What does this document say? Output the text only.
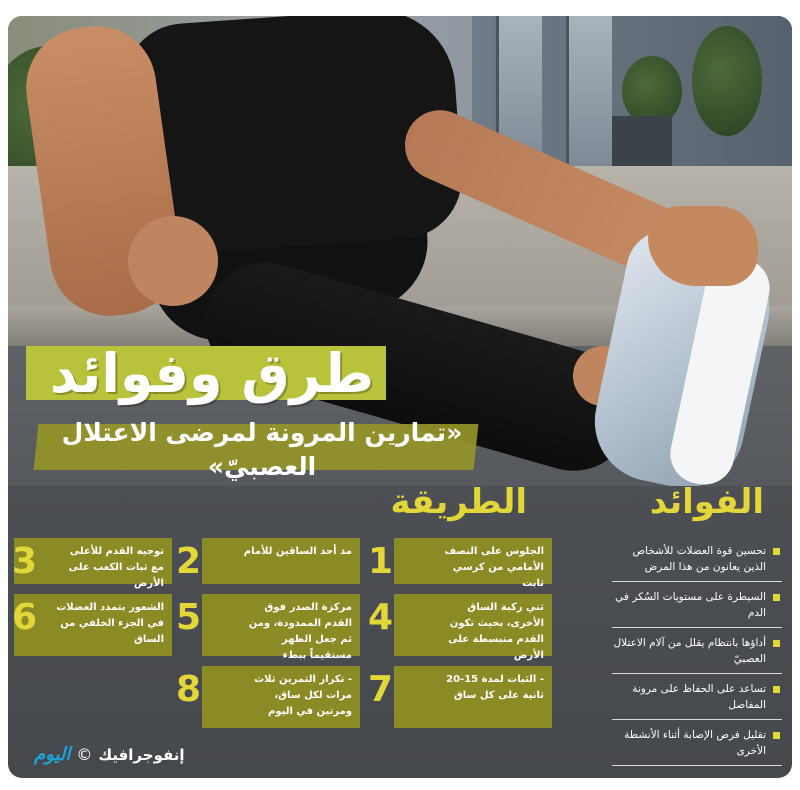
طرق وفوائد
«تمارين المرونة لمرضى الاعتلال العصبيّ»
الفوائد
الطريقة
تحسين قوة العضلات للأشخاص الذين يعانون من هذا المرض
السيطرة على مستويات السُكر في الدم
أداؤها بانتظام يقلل من آلام الاعتلال العصبيّ
تساعد على الحفاظ على مرونة المفاصل
تقليل فرص الإصابة أثناء الأنشطة الأخرى
1	الجلوس على النصف الأمامي من كرسي ثابت
2	مد أحد الساقين للأمام
3	توجيه القدم للأعلى مع ثبات الكعب على الأرض
4	ثني ركبة الساق الأخرى، بحيث تكون القدم منبسطة على الأرض
5	مركزة الصدر فوق القدم الممدودة، ومن ثم جعل الظهر مستقيماً ببطء
6 الشعور بتمدد العضلات في الجزء الخلفي من الساق
7	- الثبات لمدة 15-20 ثانية على كل ساق
8	- تكرار التمرين ثلاث مرات لكل ساق، ومرتين في اليوم
اليوم © إنفوجرافيك
